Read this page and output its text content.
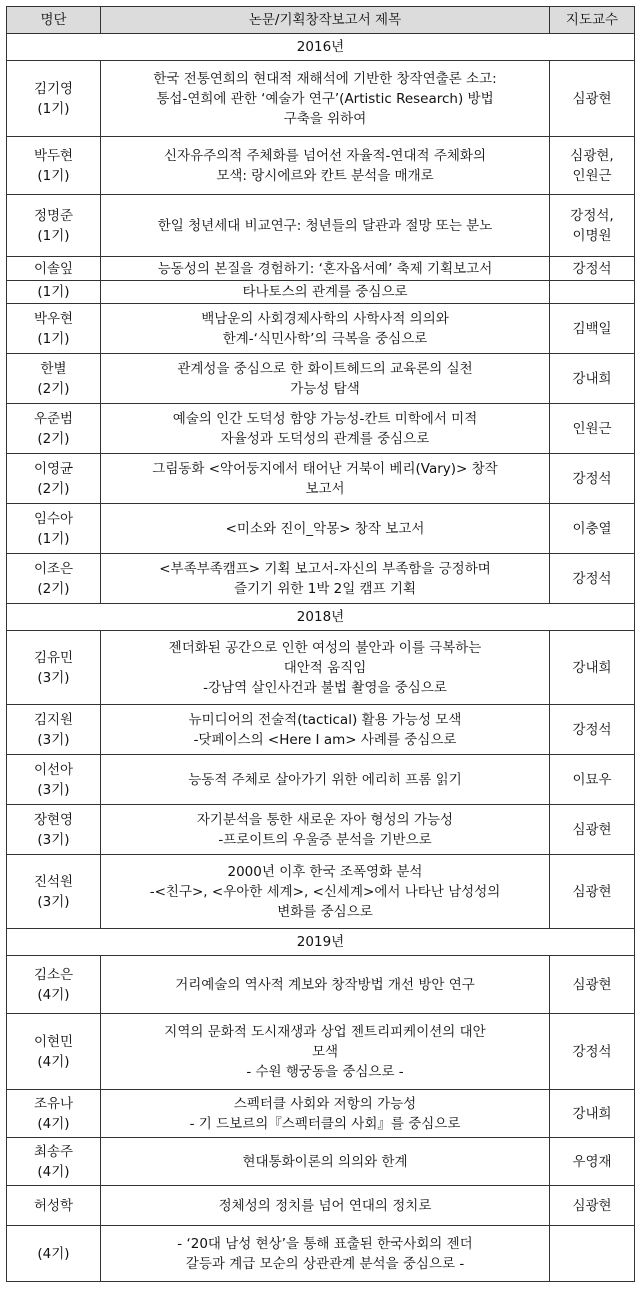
명단	논문/기획창작보고서 제목	지도교수
2016년		

김기영
(1기)	한국 전통연희의 현대적 재해석에 기반한 창작연출론 소고:
통섭-연희에 관한 ‘예술가 연구’(Artistic Research) 방법
구축을 위하여	심광현

박두현
(1기)	신자유주의적 주체화를 넘어선 자율적-연대적 주체화의
모색: 랑시에르와 칸트 분석을 매개로	심광현,
인원근

정명준
(1기)	한일 청년세대 비교연구: 청년들의 달관과 절망 또는 분노	강정석,
이명원

이솔잎	능동성의 본질을 경험하기: ‘혼자옵서예’ 축제 기획보고서	강정석

(1기)	타나토스의 관계를 중심으로	

박우현
(1기)	백남운의 사회경제사학의 사학사적 의의와
한계-‘식민사학’의 극복을 중심으로	김백일

한별
(2기)	관계성을 중심으로 한 화이트헤드의 교육론의 실천
가능성 탐색	강내희

우준범
(2기)	예술의 인간 도덕성 함양 가능성-칸트 미학에서 미적
자율성과 도덕성의 관계를 중심으로	인원근

이영균
(2기)	그림동화 <악어둥지에서 태어난 거북이 베리(Vary)> 창작
보고서	강정석

임수아
(1기)	<미소와 진이_악몽> 창작 보고서	이충열

이조은
(2기)	<부족부족캠프> 기획 보고서-자신의 부족함을 긍정하며
즐기기 위한 1박 2일 캠프 기획	강정석

2018년		

김유민
(3기)	젠더화된 공간으로 인한 여성의 불안과 이를 극복하는
대안적 움직임
-강남역 살인사건과 불법 촬영을 중심으로	강내희

김지원
(3기)	뉴미디어의 전술적(tactical) 활용 가능성 모색
-닷페이스의 <Here I am> 사례를 중심으로	강정석

이선아
(3기)	능동적 주체로 살아가기 위한 에리히 프롬 읽기	이묘우

장현영
(3기)	자기분석을 통한 새로운 자아 형성의 가능성
-프로이트의 우울증 분석을 기반으로	심광현

진석원
(3기)	2000년 이후 한국 조폭영화 분석
-<친구>, <우아한 세계>, <신세계>에서 나타난 남성성의
변화를 중심으로	심광현

2019년		

김소은
(4기)	거리예술의 역사적 계보와 창작방법 개선 방안 연구	심광현

이현민
(4기)	지역의 문화적 도시재생과 상업 젠트리피케이션의 대안
모색
- 수원 행궁동을 중심으로 -	강정석

조유나
(4기)	스펙터클 사회와 저항의 가능성
- 기 드보르의『스펙터클의 사회』를 중심으로	강내희

최송주
(4기)	현대통화이론의 의의와 한계	우영재

허성학	정체성의 정치를 넘어 연대의 정치로	심광현

(4기)	- ‘20대 남성 현상’을 통해 표출된 한국사회의 젠더
갈등과 계급 모순의 상관관계 분석을 중심으로 -	
